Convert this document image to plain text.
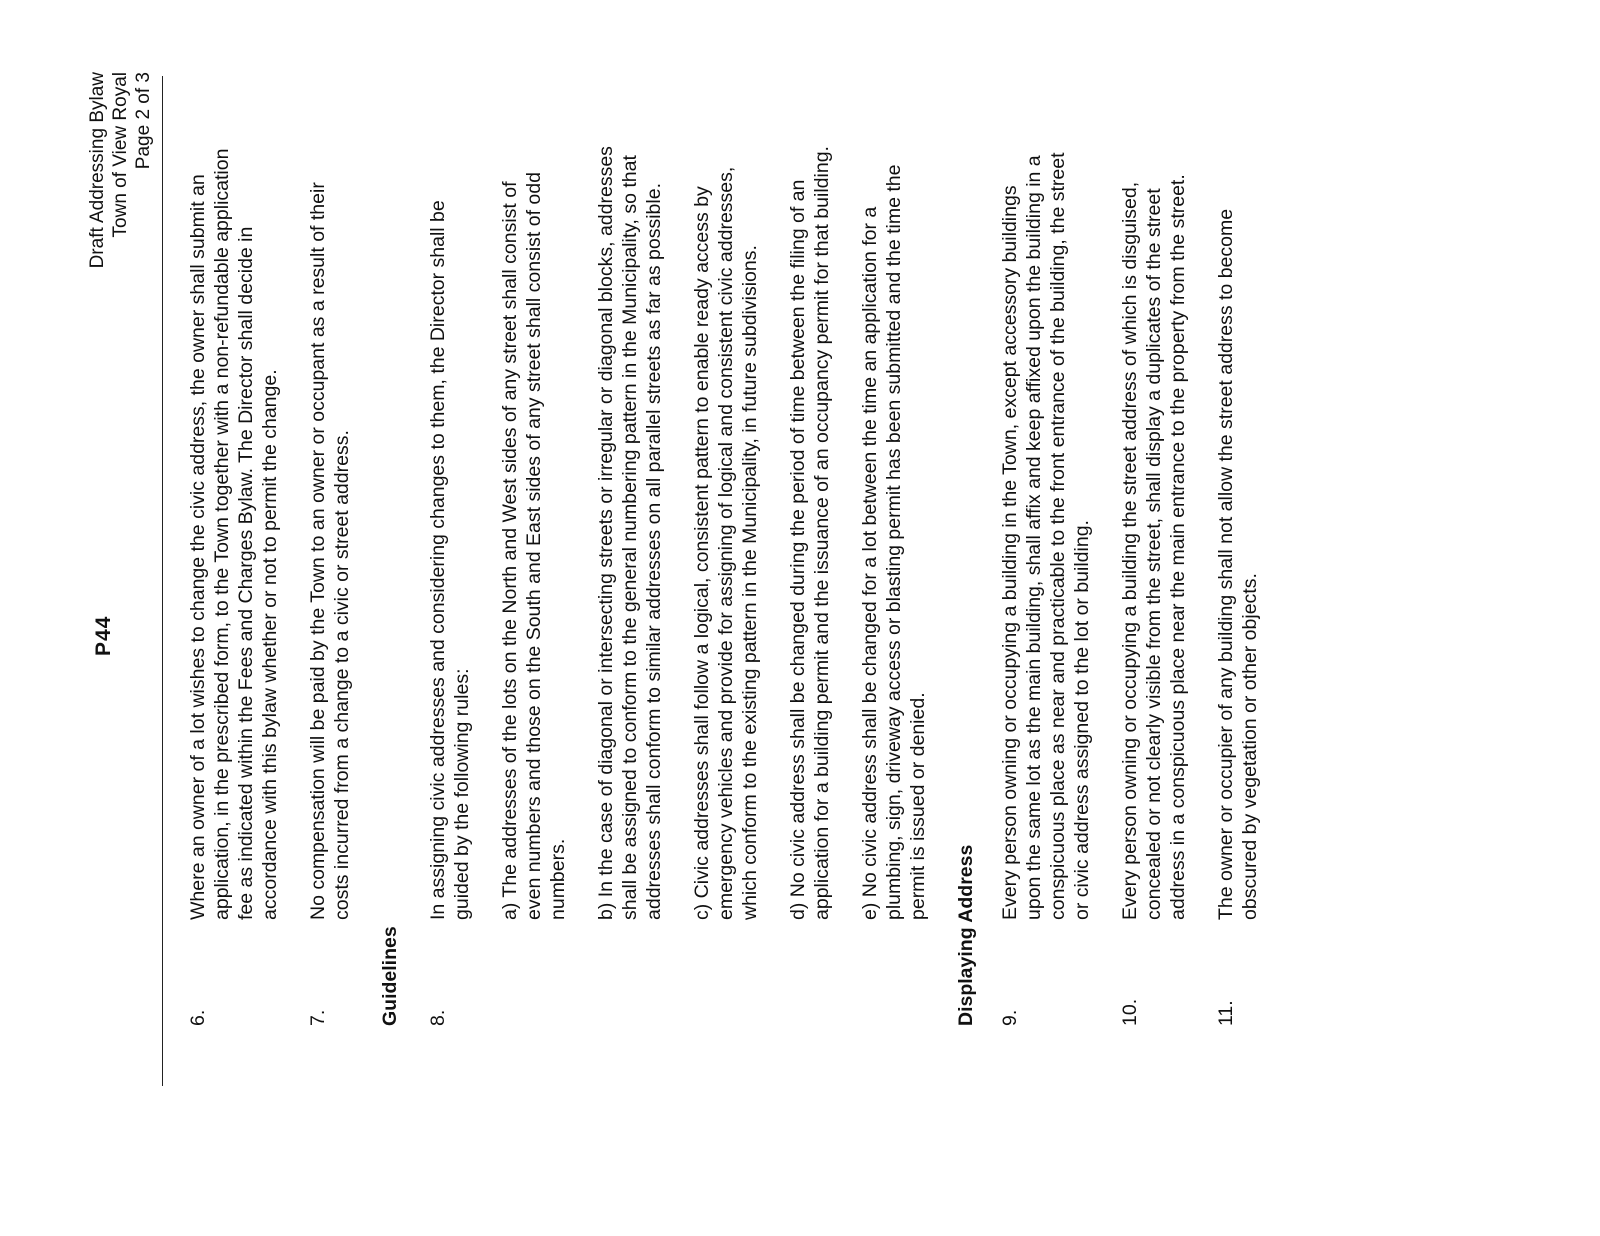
Draft Addressing Bylaw Town of View Royal Page 2 of 3
P44
6.

Where an owner of a lot wishes to change the civic address, the owner shall submit an application, in the prescribed form, to the Town together with a non-refundable application fee as indicated within the Fees and Charges Bylaw. The Director shall decide in accordance with this bylaw whether or not to permit the change.

7.

No compensation will be paid by the Town to an owner or occupant as a result of their costs incurred from a change to a civic or street address.

Guidelines 8.

In assigning civic addresses and considering changes to them, the Director shall be guided by the following rules: a) The addresses of the lots on the North and West sides of any street shall consist of even numbers and those on the South and East sides of any street shall consist of odd numbers. b) In the case of diagonal or intersecting streets or irregular or diagonal blocks, addresses shall be assigned to conform to the general numbering pattern in the Municipality, so that addresses shall conform to similar addresses on all parallel streets as far as possible. c) Civic addresses shall follow a logical, consistent pattern to enable ready access by emergency vehicles and provide for assigning of logical and consistent civic addresses, which conform to the existing pattern in the Municipality, in future subdivisions. d) No civic address shall be changed during the period of time between the filing of an application for a building permit and the issuance of an occupancy permit for that building. e) No civic address shall be changed for a lot between the time an application for a plumbing, sign, driveway access or blasting permit has been submitted and the time the permit is issued or denied.

Displaying Address 9.

Every person owning or occupying a building in the Town, except accessory buildings upon the same lot as the main building, shall affix and keep affixed upon the building in a conspicuous place as near and practicable to the front entrance of the building, the street or civic address assigned to the lot or building.

10.

Every person owning or occupying a building the street address of which is disguised, concealed or not clearly visible from the street, shall display a duplicates of the street address in a conspicuous place near the main entrance to the property from the street.

11.

The owner or occupier of any building shall not allow the street address to become obscured by vegetation or other objects.
